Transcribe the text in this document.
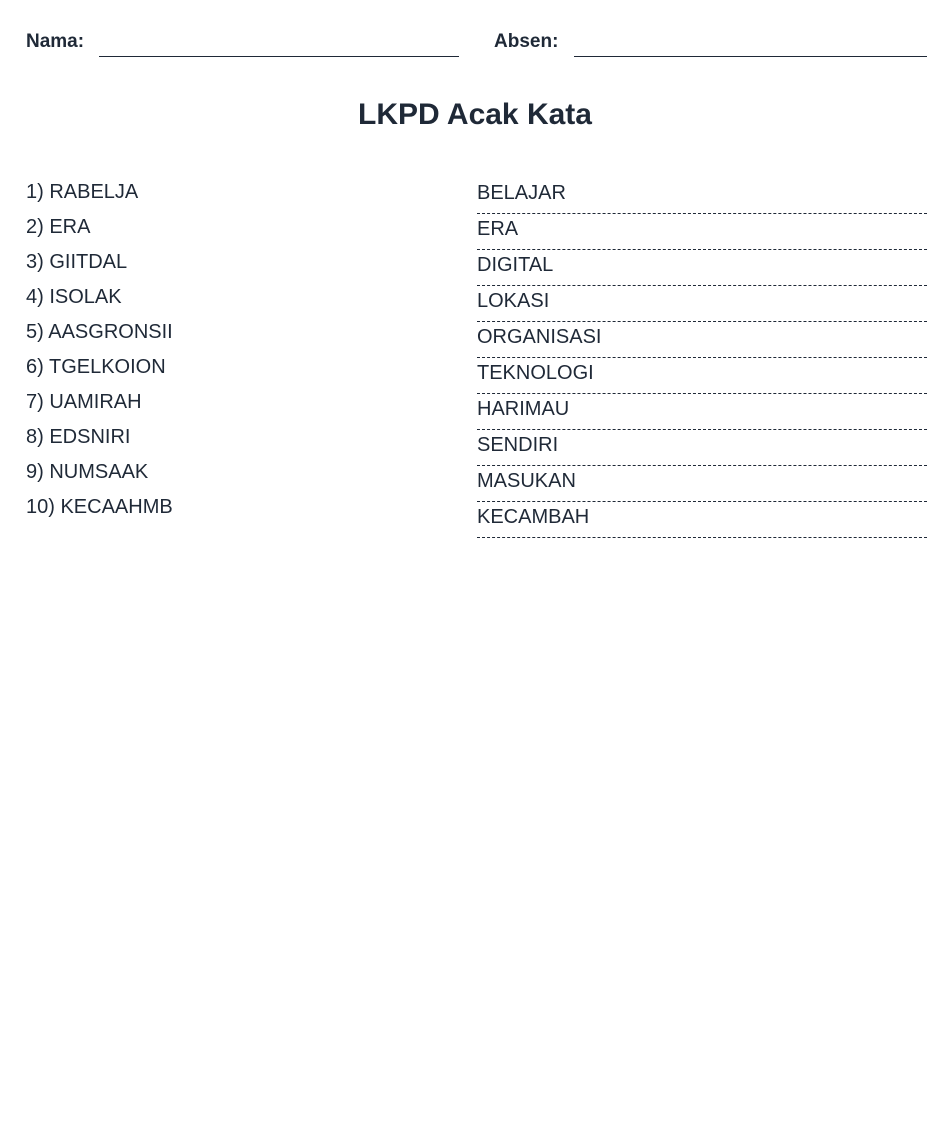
Nama:	Absen:
LKPD Acak Kata
1) RABELJA
2) ERA
3) GIITDAL
4) ISOLAK
5) AASGRONSII
6) TGELKOION
7) UAMIRAH
8) EDSNIRI
9) NUMSAAK
10) KECAAHMB
BELAJAR
ERA
DIGITAL
LOKASI
ORGANISASI
TEKNOLOGI
HARIMAU
SENDIRI
MASUKAN
KECAMBAH
